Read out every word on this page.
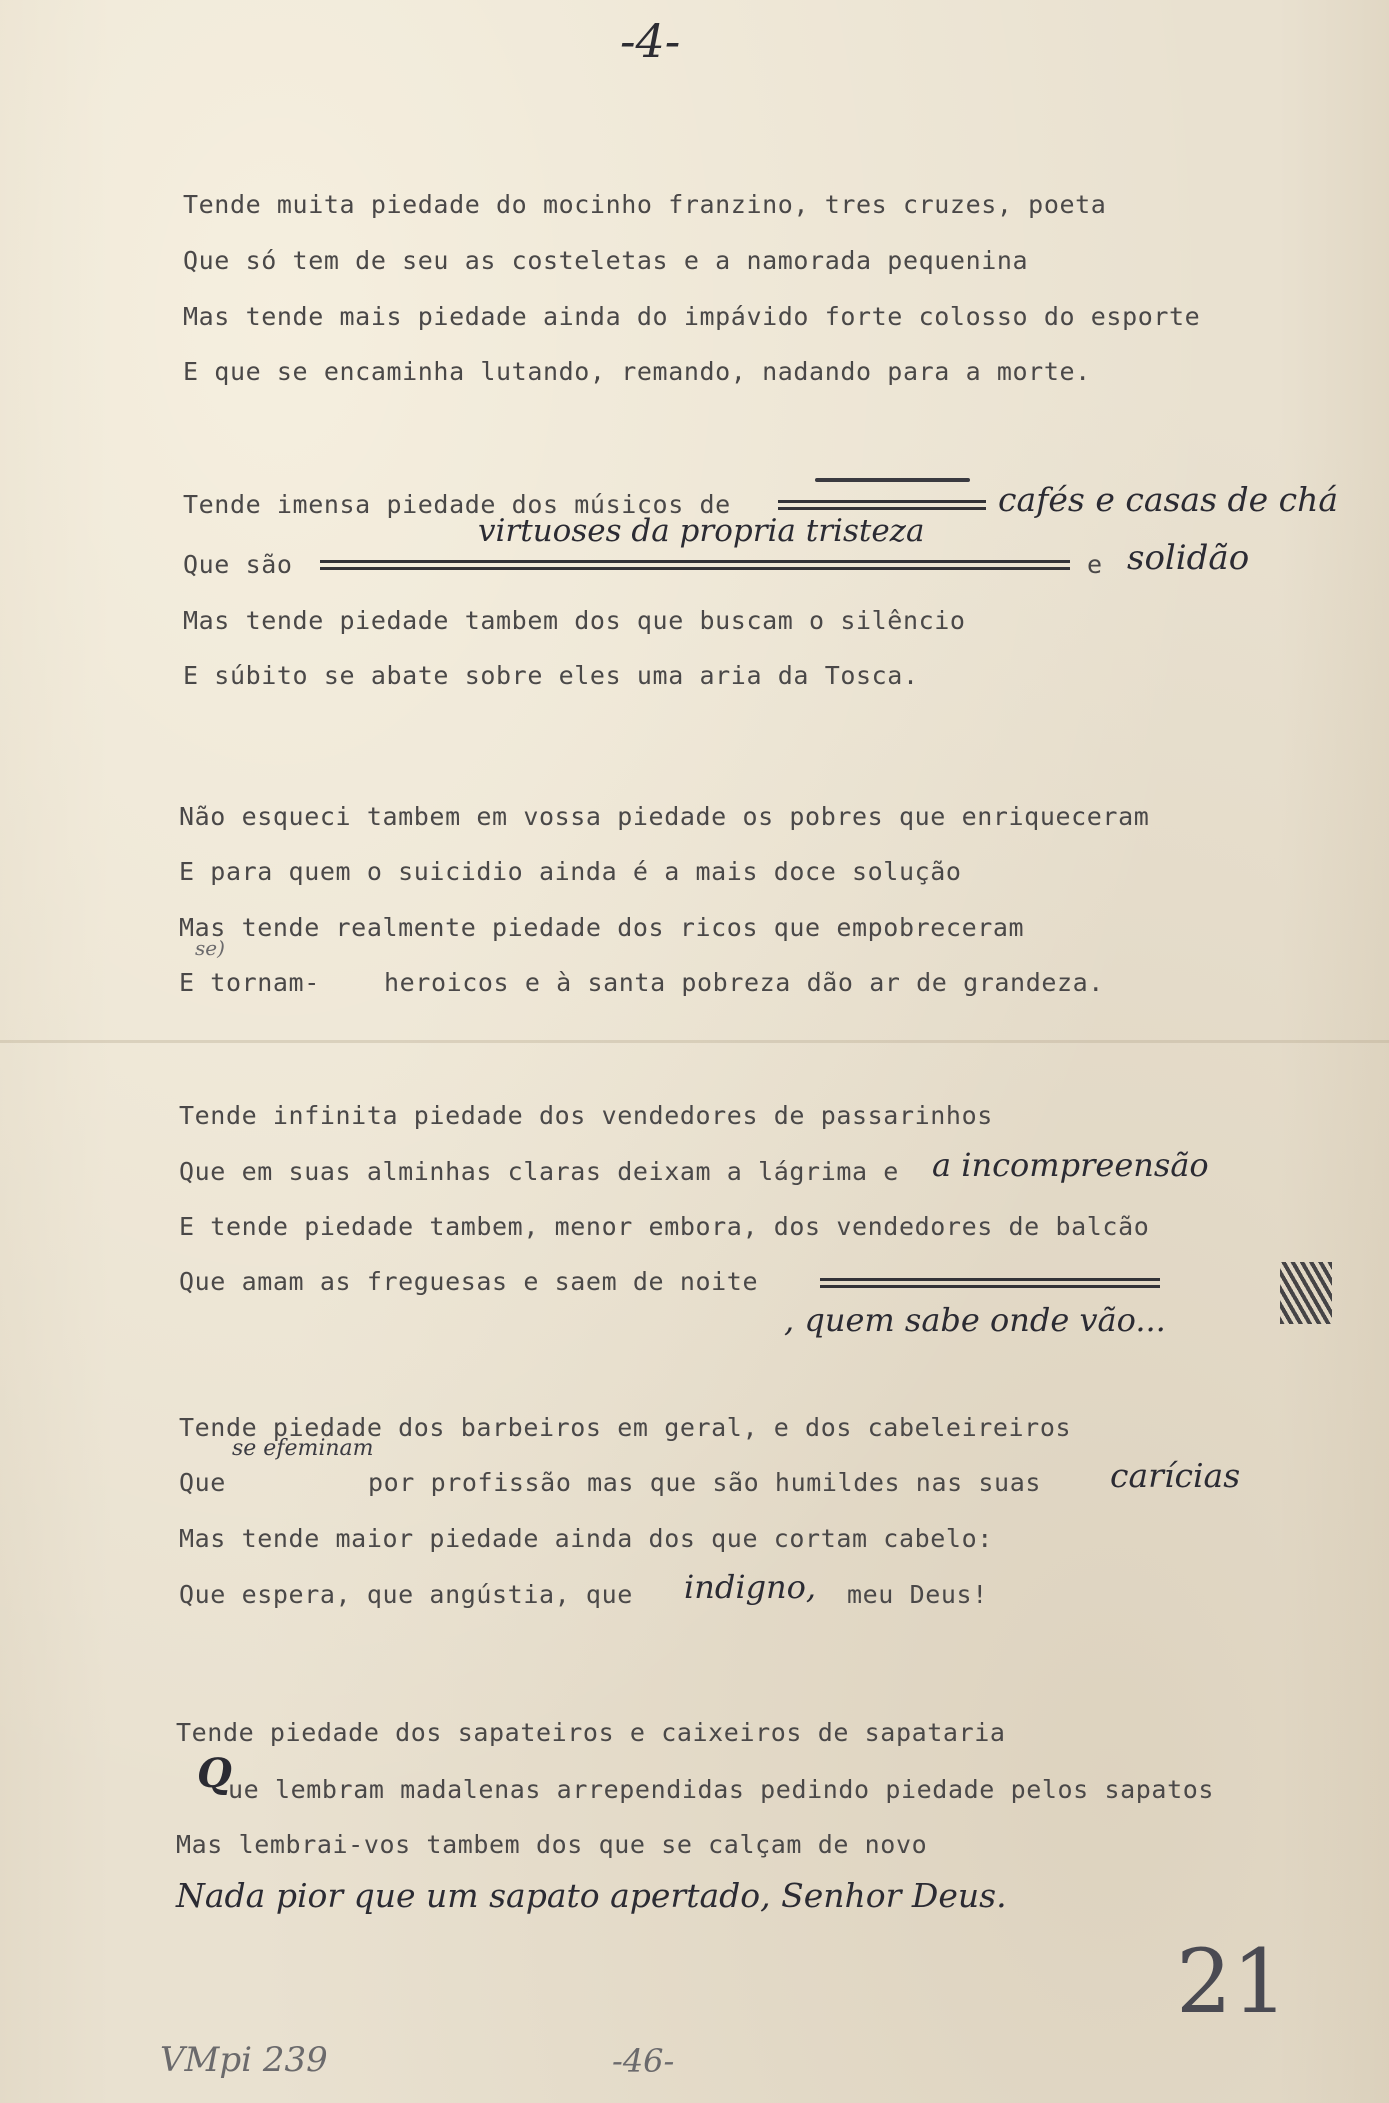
-4-
Tende muita piedade do mocinho franzino, tres cruzes, poeta
Que só tem de seu as costeletas e a namorada pequenina
Mas tende mais piedade ainda do impávido forte colosso do esporte
E que se encaminha lutando, remando, nadando para a morte.
Tende imensa piedade dos músicos de	cafés e casas de chá
virtuoses da propria tristeza
Que são	e solidão
Mas tende piedade tambem dos que buscam o silêncio
E súbito se abate sobre eles uma aria da Tosca.
Não esqueci tambem em vossa piedade os pobres que enriqueceram
E para quem o suicidio ainda é a mais doce solução
Mas tende realmente piedade dos ricos que empobreceram
se)
E tornam-	heroicos e à santa pobreza dão ar de grandeza.
Tende infinita piedade dos vendedores de passarinhos
Que em suas alminhas claras deixam a lágrima e a incompreensão
E tende piedade tambem, menor embora, dos vendedores de balcão
Que amam as freguesas e saem de noite
, quem sabe onde vão...
Tende piedade dos barbeiros em geral, e dos cabeleireiros
se efeminam
Que	por profissão mas que são humildes nas suas carícias
Mas tende maior piedade ainda dos que cortam cabelo:
Que espera, que angústia, que indigno, meu Deus!
Tende piedade dos sapateiros e caixeiros de sapataria
Q
ue lembram madalenas arrependidas pedindo piedade pelos sapatos
Mas lembrai-vos tambem dos que se calçam de novo
Nada pior que um sapato apertado, Senhor Deus.
21
VMpi 239	-46-
